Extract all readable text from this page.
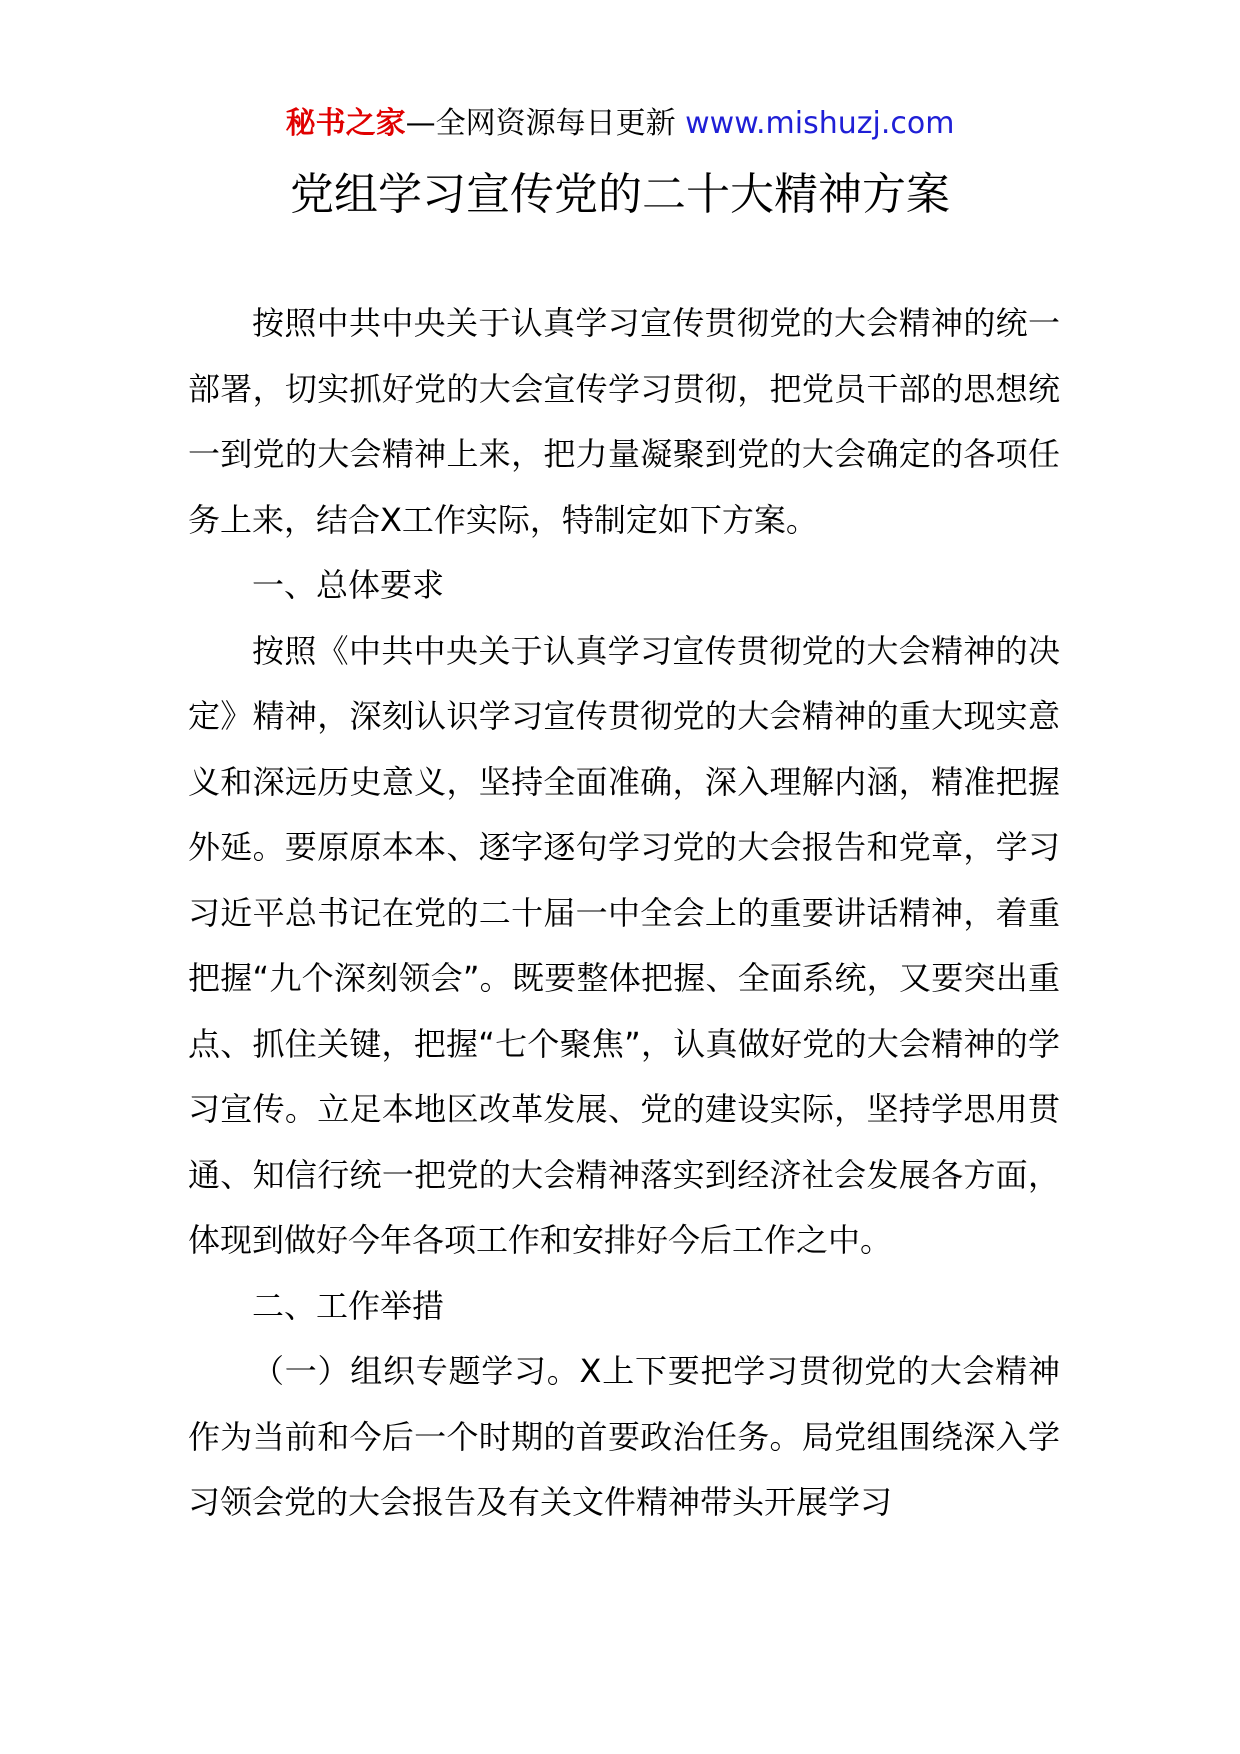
秘书之家—全网资源每日更新 www.mishuzj.com
党组学习宣传党的二十大精神方案

按照中共中央关于认真学习宣传贯彻党的大会精神的统一部署，切实抓好党的大会宣传学习贯彻，把党员干部的思想统一到党的大会精神上来，把力量凝聚到党的大会确定的各项任务上来，结合X工作实际，特制定如下方案。

一、总体要求

按照《中共中央关于认真学习宣传贯彻党的大会精神的决定》精神，深刻认识学习宣传贯彻党的大会精神的重大现实意义和深远历史意义，坚持全面准确，深入理解内涵，精准把握外延。要原原本本、逐字逐句学习党的大会报告和党章，学习习近平总书记在党的二十届一中全会上的重要讲话精神，着重把握“九个深刻领会”。既要整体把握、全面系统，又要突出重点、抓住关键，把握“七个聚焦”，认真做好党的大会精神的学习宣传。立足本地区改革发展、党的建设实际，坚持学思用贯通、知信行统一把党的大会精神落实到经济社会发展各方面，体现到做好今年各项工作和安排好今后工作之中。

二、工作举措

（一）组织专题学习。X上下要把学习贯彻党的大会精神作为当前和今后一个时期的首要政治任务。局党组围绕深入学习领会党的大会报告及有关文件精神带头开展学习
